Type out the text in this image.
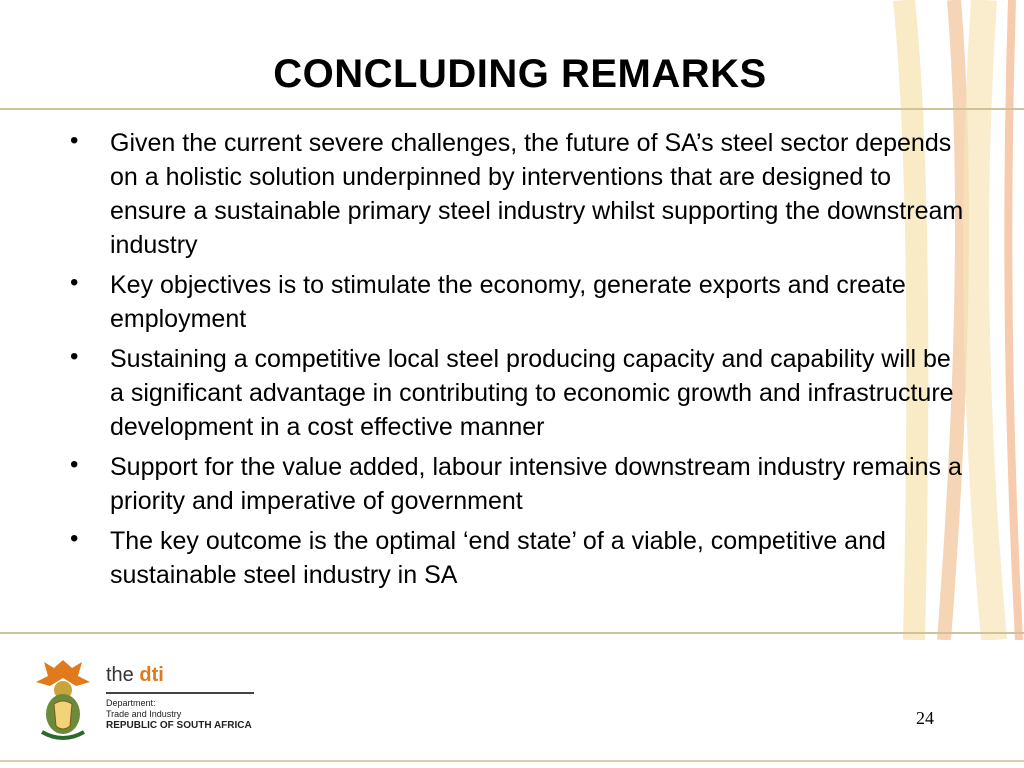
CONCLUDING REMARKS
• Given the current severe challenges, the future of SA’s steel sector depends on a holistic solution underpinned by interventions that are designed to ensure a sustainable primary steel industry whilst supporting the downstream industry
• Key objectives is to stimulate the economy, generate exports and create employment
• Sustaining a competitive local steel producing capacity and capability will be a significant advantage in contributing to economic growth and infrastructure development in a cost effective manner
• Support for the value added, labour intensive downstream industry remains a priority and imperative of government
• The key outcome is the optimal ‘end state’ of a viable, competitive and sustainable steel industry in SA
the dti
Department:
Trade and Industry
REPUBLIC OF SOUTH AFRICA	24
